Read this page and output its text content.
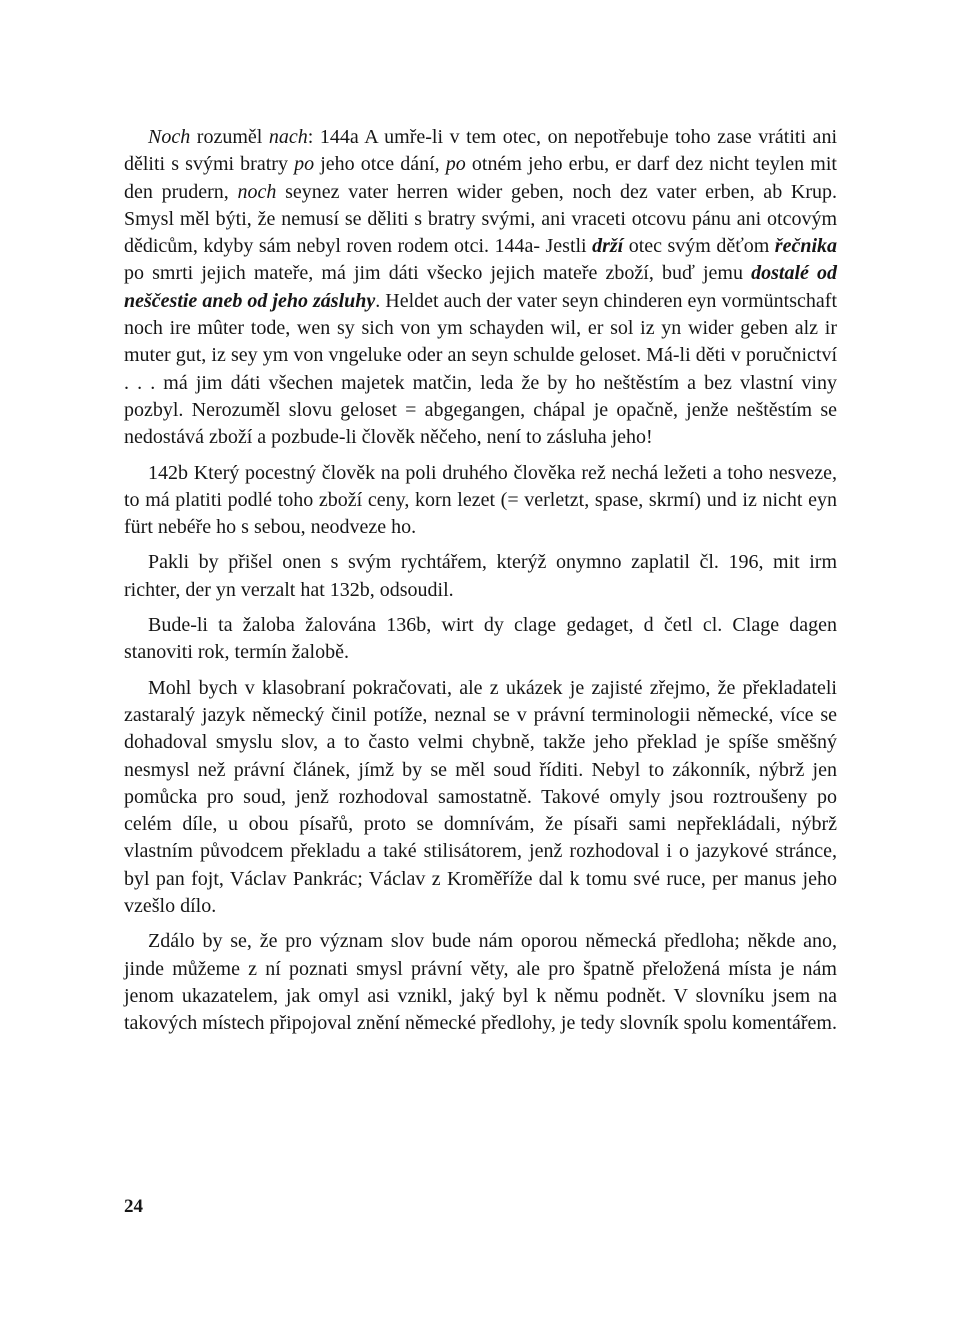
Noch rozuměl nach: 144a A umře-li v tem otec, on nepotřebuje toho zase vrátiti ani děliti s svými bratry po jeho otce dání, po otném jeho erbu, er darf dez nicht teylen mit den prudern, noch seynez vater herren wider geben, noch dez vater erben, ab Krup. Smysl měl býti, že nemusí se děliti s bratry svými, ani vraceti otcovu pánu ani otcovým dědicům, kdyby sám nebyl roven rodem otci. 144a- Jestli drží otec svým děťom řečnika po smrti jejich mateře, má jim dáti všecko jejich mateře zboží, buď jemu dostalé od neščestie aneb od jeho zásluhy. Heldet auch der vater seyn chinderen eyn vormüntschaft noch ire mûter tode, wen sy sich von ym schayden wil, er sol iz yn wider geben alz ir muter gut, iz sey ym von vngeluke oder an seyn schulde geloset. Má-li děti v poručnictví . . . má jim dáti všechen majetek matčin, leda že by ho neštěstím a bez vlastní viny pozbyl. Nerozuměl slovu geloset = abgegangen, chápal je opačně, jenže neštěstím se nedostává zboží a pozbude-li člověk něčeho, není to zásluha jeho!

142b Který pocestný člověk na poli druhého člověka rež nechá ležeti a toho nesveze, to má platiti podlé toho zboží ceny, korn lezet (= verletzt, spase, skrmí) und iz nicht eyn fürt nebéře ho s sebou, neodveze ho.

Pakli by přišel onen s svým rychtářem, kterýž onymno zaplatil čl. 196, mit irm richter, der yn verzalt hat 132b, odsoudil.

Bude-li ta žaloba žalována 136b, wirt dy clage gedaget, d četl cl. Clage dagen stanoviti rok, termín žalobě.

Mohl bych v klasobraní pokračovati, ale z ukázek je zajisté zřejmo, že překladateli zastaralý jazyk německý činil potíže, neznal se v právní terminologii německé, více se dohadoval smyslu slov, a to často velmi chybně, takže jeho překlad je spíše směšný nesmysl než právní článek, jímž by se měl soud říditi. Nebyl to zákonník, nýbrž jen pomůcka pro soud, jenž rozhodoval samostatně. Takové omyly jsou roztroušeny po celém díle, u obou písařů, proto se domnívám, že písaři sami nepřekládali, nýbrž vlastním původcem překladu a také stilisátorem, jenž rozhodoval i o jazykové stránce, byl pan fojt, Václav Pankrác; Václav z Kroměříže dal k tomu své ruce, per manus jeho vzešlo dílo.

Zdálo by se, že pro význam slov bude nám oporou německá předloha; někde ano, jinde můžeme z ní poznati smysl právní věty, ale pro špatně přeložená místa je nám jenom ukazatelem, jak omyl asi vznikl, jaký byl k němu podnět. V slovníku jsem na takových místech připojoval znění německé předlohy, je tedy slovník spolu komentářem.

24
